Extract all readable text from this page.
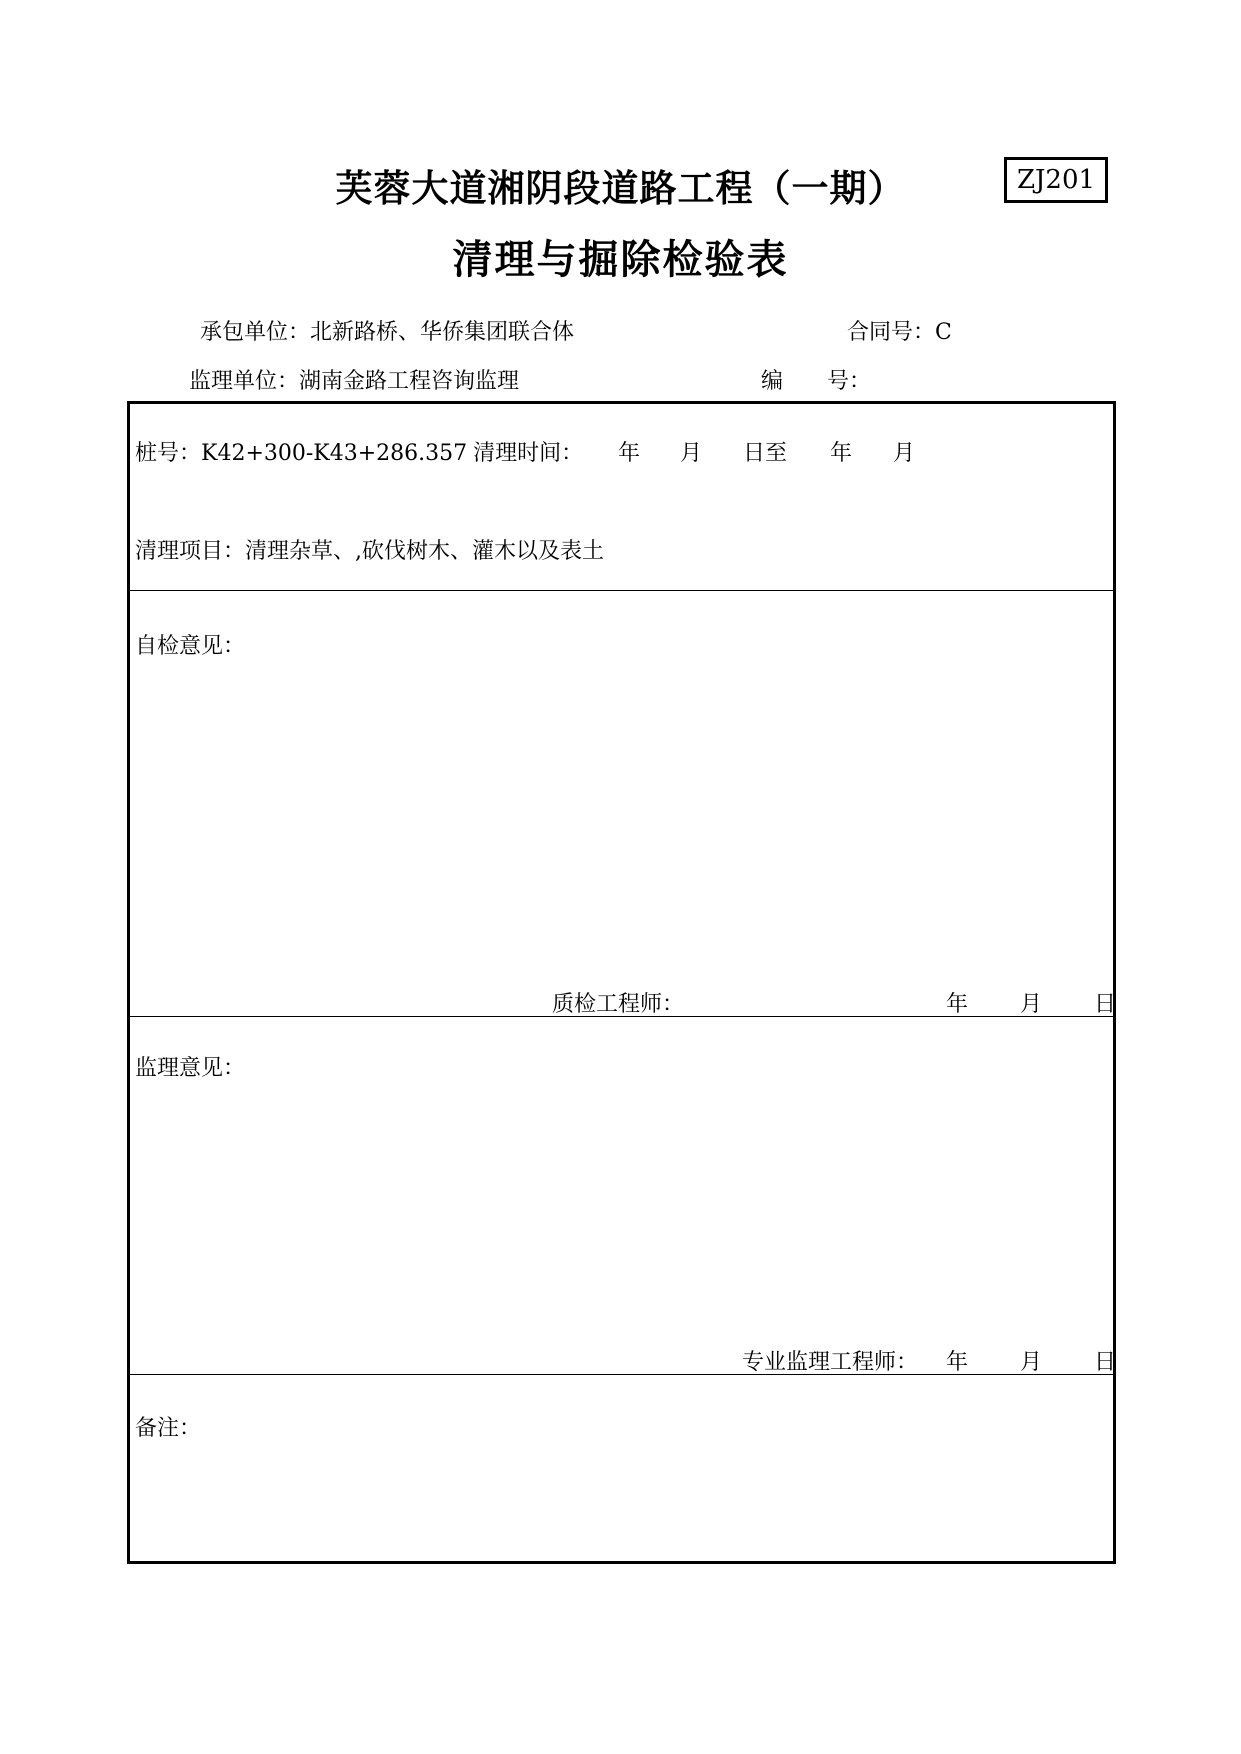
芙蓉大道湘阴段道路工程（一期）	ZJ201
清理与掘除检验表
承包单位：北新路桥、华侨集团联合体	合同号：C
监理单位：湖南金路工程咨询监理	编 号：
桩号：K42+300-K43+286.357 清理时间： 年 月 日至 年 月
清理项目：清理杂草、,砍伐树木、灌木以及表土
自检意见：
质检工程师：	年 月 日
监理意见：
专业监理工程师： 年 月 日
备注：
